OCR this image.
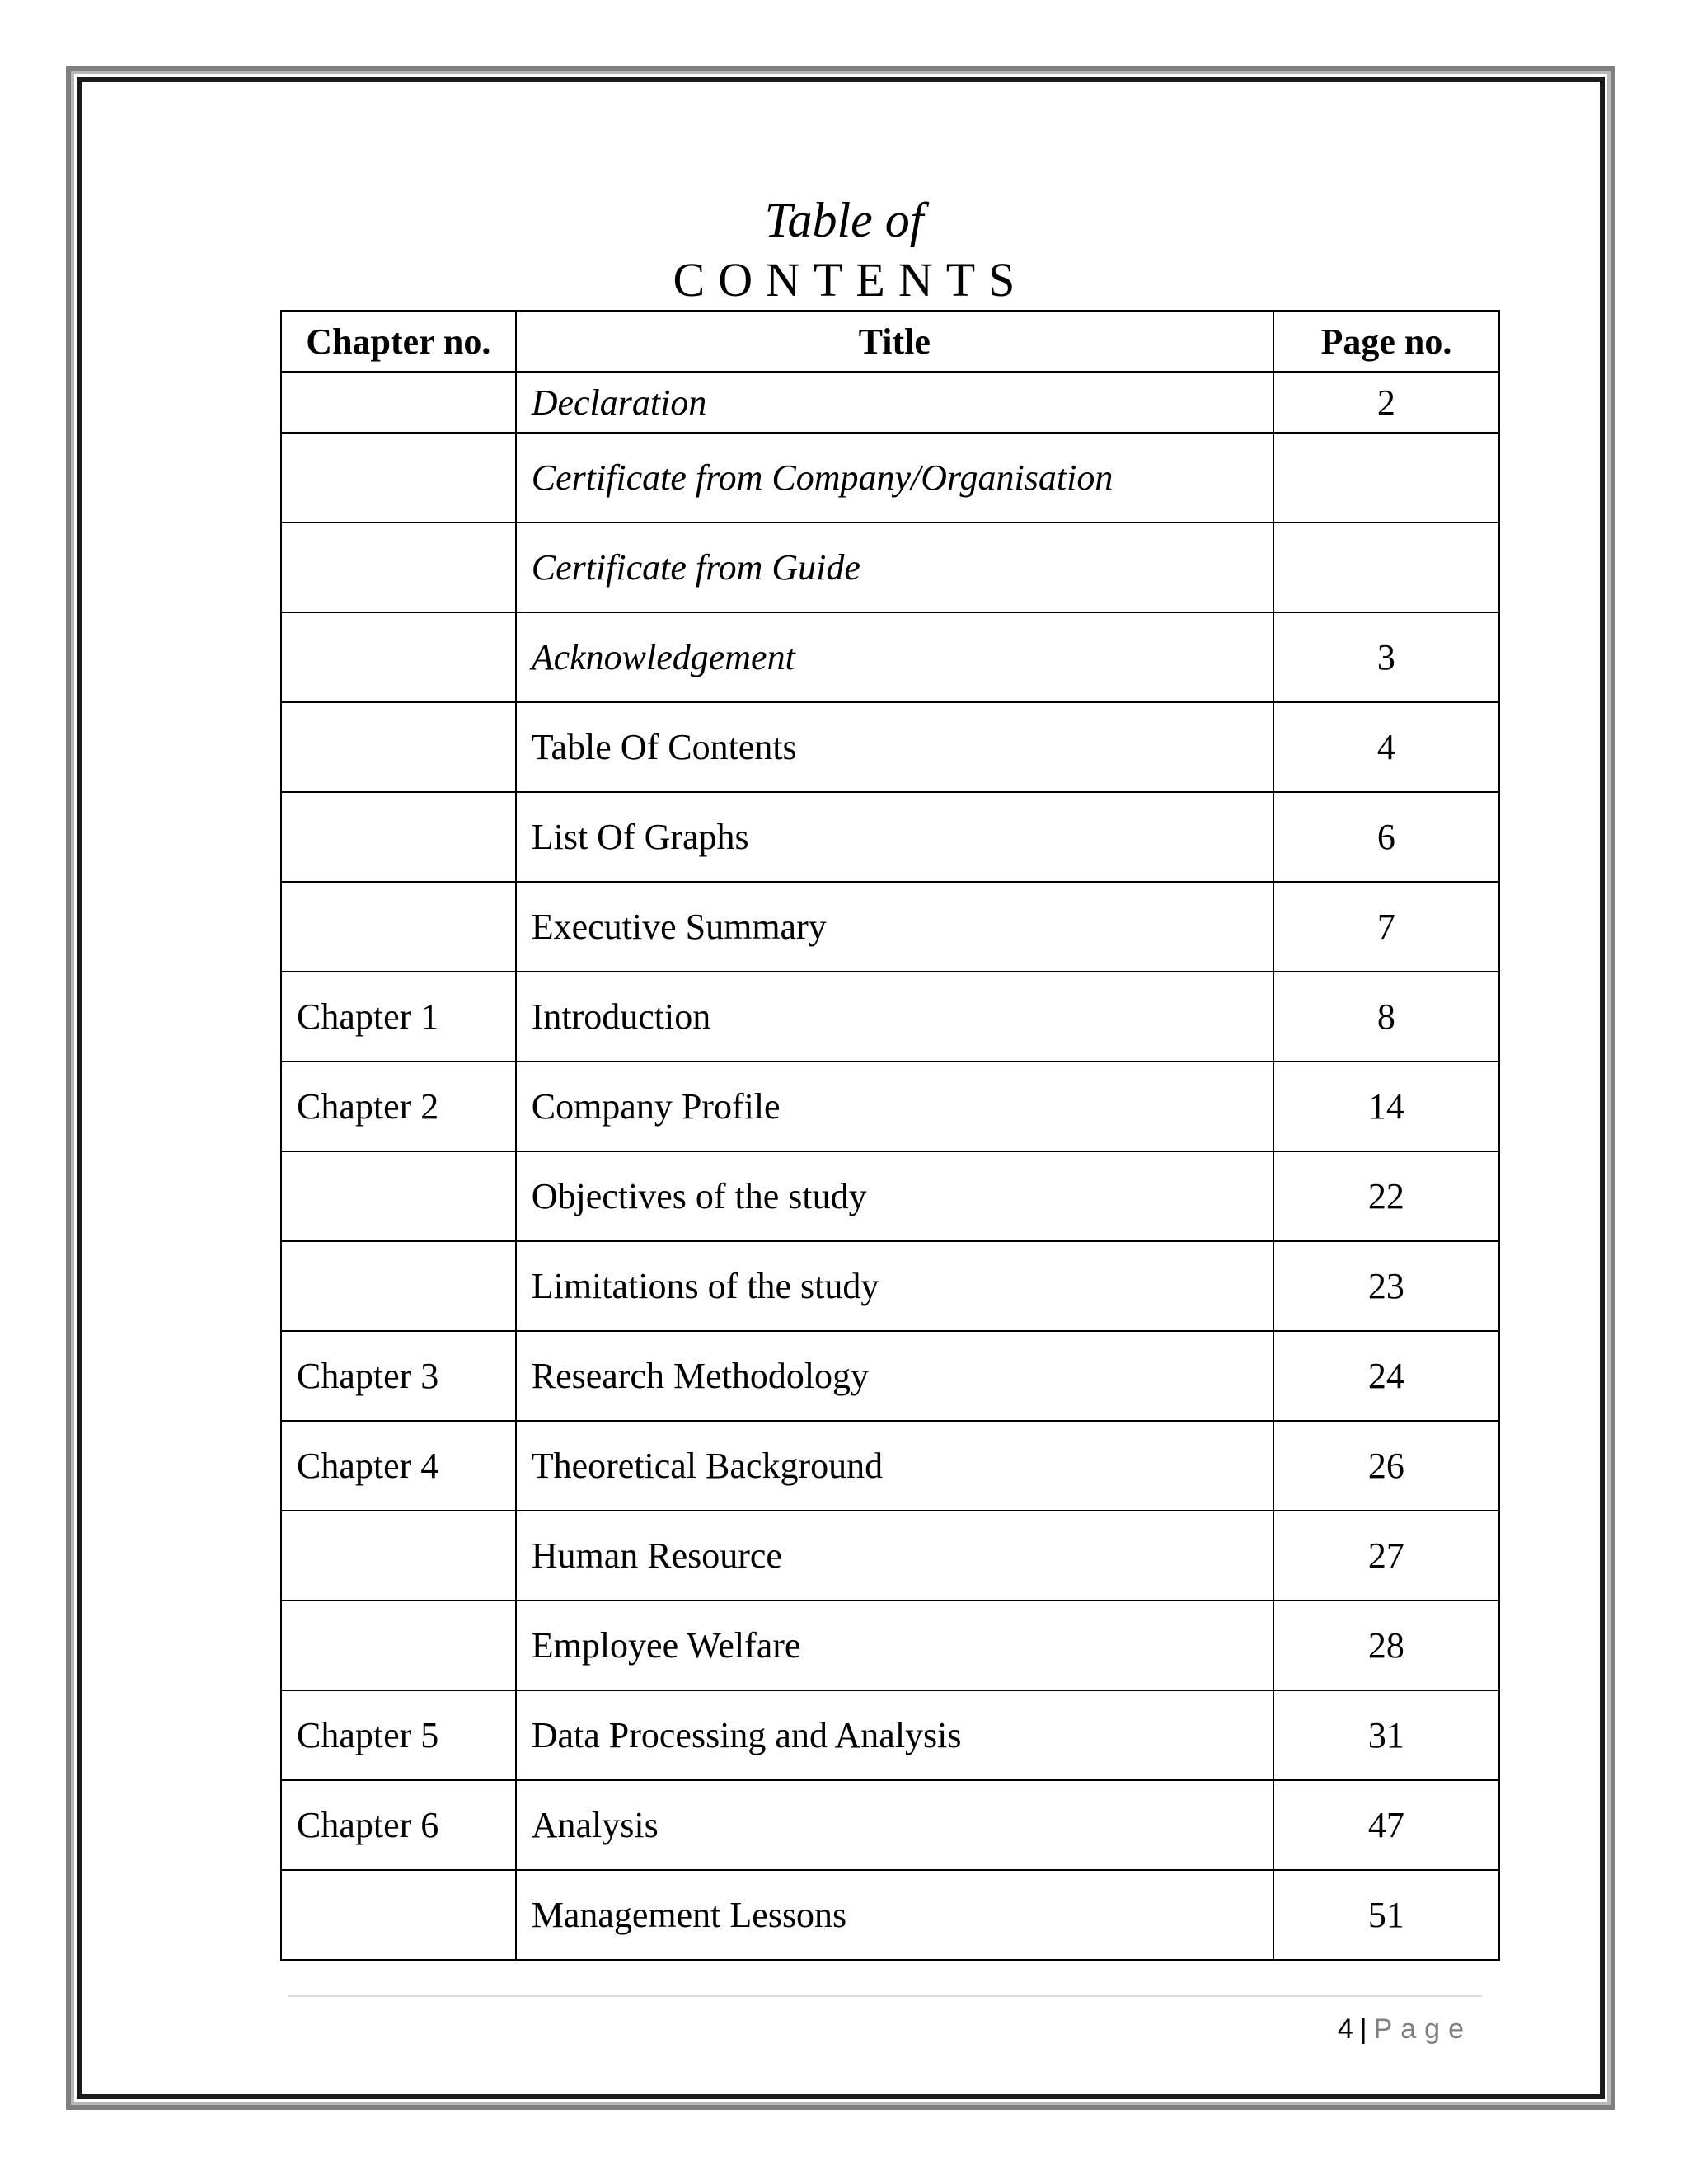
Table of
CONTENTS
Chapter no.	Title	Page no.
	Declaration	2
	Certificate from Company/Organisation	
	Certificate from Guide	
	Acknowledgement	3
	Table Of Contents	4
	List Of Graphs	6
	Executive Summary	7
Chapter 1	Introduction	8
Chapter 2	Company Profile	14
	Objectives of the study	22
	Limitations of the study	23
Chapter 3	Research Methodology	24
Chapter 4	Theoretical Background	26
	Human Resource	27
	Employee Welfare	28
Chapter 5	Data Processing and Analysis	31
Chapter 6	Analysis	47
	Management Lessons	51
4 | Page
